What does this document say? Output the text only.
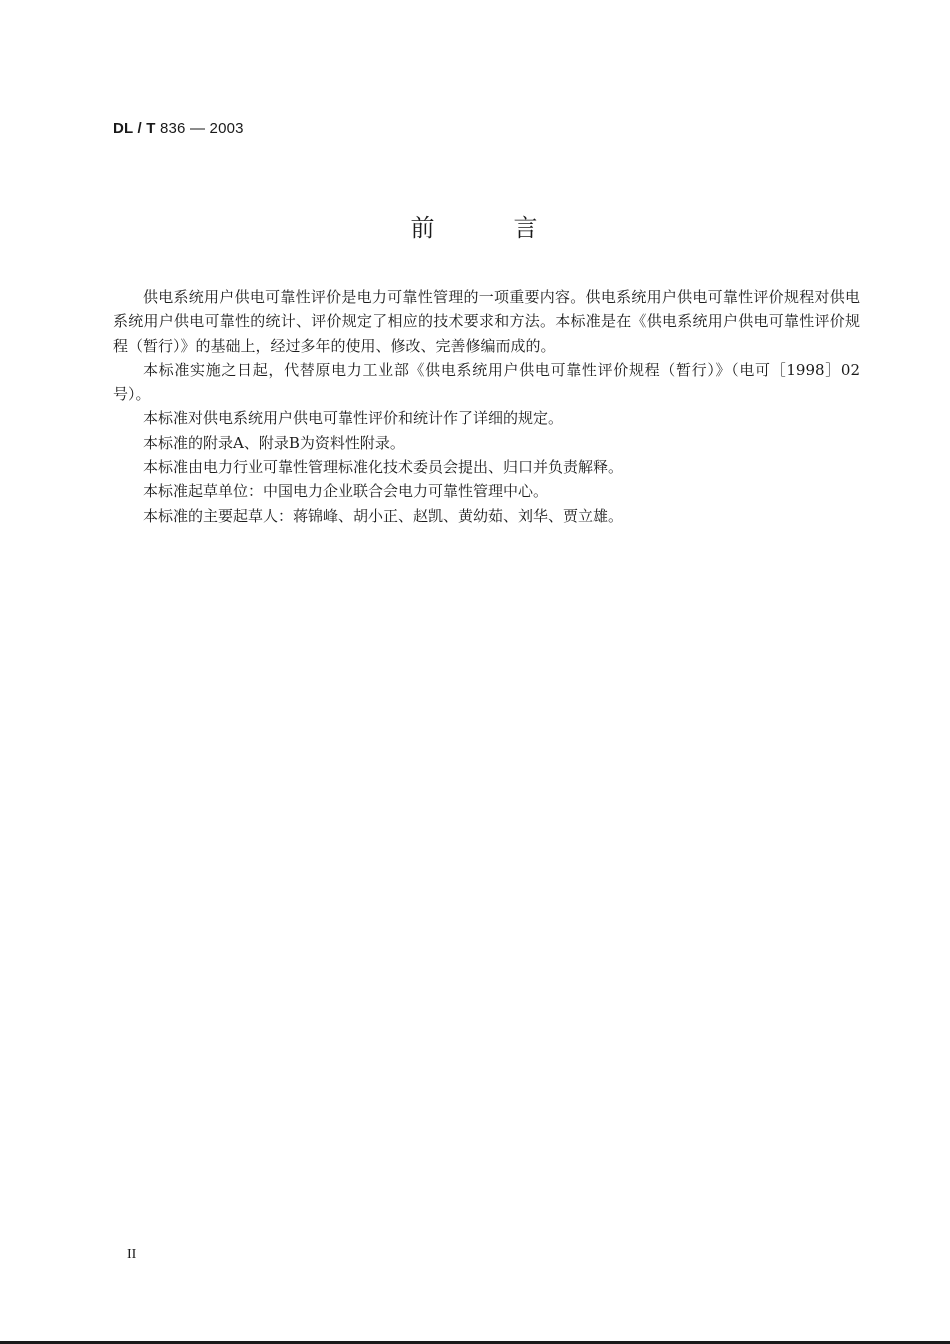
DL / T 836 — 2003
前        言

供电系统用户供电可靠性评价是电力可靠性管理的一项重要内容。供电系统用户供电可靠性评价规程对供电系统用户供电可靠性的统计、评价规定了相应的技术要求和方法。本标准是在《供电系统用户供电可靠性评价规程（暂行）》的基础上，经过多年的使用、修改、完善修编而成的。

本标准实施之日起，代替原电力工业部《供电系统用户供电可靠性评价规程（暂行）》（电可［1998］02号）。

本标准对供电系统用户供电可靠性评价和统计作了详细的规定。

本标准的附录A、附录B为资料性附录。

本标准由电力行业可靠性管理标准化技术委员会提出、归口并负责解释。

本标准起草单位：中国电力企业联合会电力可靠性管理中心。

本标准的主要起草人：蒋锦峰、胡小正、赵凯、黄幼茹、刘华、贾立雄。

II
